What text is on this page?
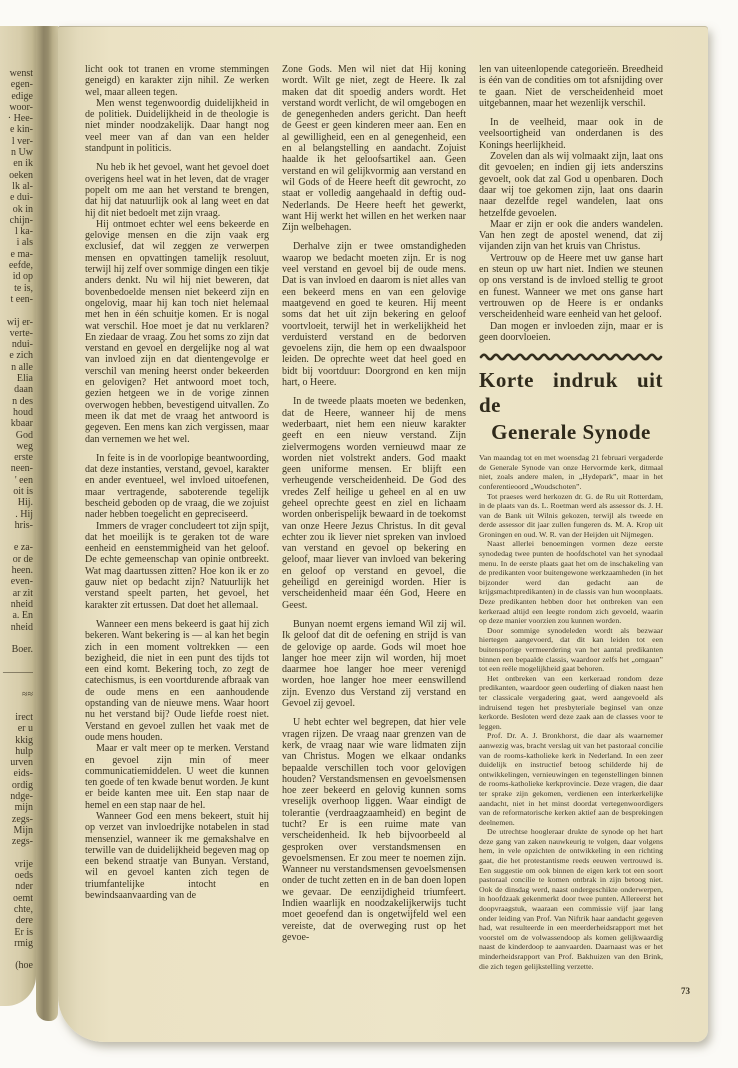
wenst
egen-
edige
woor-
· Hee-
e kin-
l ver-
n Uw
en ik
oeken
lk al-
e dui-
ok in
chijn-
l ka-
i als
e ma-
eefde,
id op
te is,
t een-

wij er-
verte-
ndui-
e zich
n alle
Elia
daan
n des
houd
kbaar
God
weg
erste
neen-
' een
oit is
Hij.
. Hij
hris-

e za-
or de
heen.
even-
ar zit
nheid
a. En
nheid

Boer.

———

≈≈

irect
er u
kkig
hulp
urven
eids-
ordig
ndge-
mijn
zegs-
Mijn
zegs-

vrije
oeds
nder
oemt
chte,
dere
Er is
rmig

(hoe

licht ook tot tranen en vrome stemmingen geneigd) en karakter zijn nihil. Ze werken wel, maar alleen tegen.

Men wenst tegenwoordig duidelijkheid in de politiek. Duidelijkheid in de theologie is niet minder noodzakelijk. Daar hangt nog veel meer van af dan van een helder standpunt in politicis.

Nu heb ik het gevoel, want het gevoel doet overigens heel wat in het leven, dat de vrager popelt om me aan het verstand te brengen, dat hij dat natuurlijk ook al lang weet en dat hij dit niet bedoelt met zijn vraag.

Hij ontmoet echter wel eens bekeerde en gelovige mensen en die zijn vaak erg exclusief, dat wil zeggen ze verwerpen mensen en opvattingen tamelijk resoluut, terwijl hij zelf over sommige dingen een tikje anders denkt. Nu wil hij niet beweren, dat bovenbedoelde mensen niet bekeerd zijn en ongelovig, maar hij kan toch niet helemaal met hen in één schuitje komen. Er is nogal wat verschil. Hoe moet je dat nu verklaren? En ziedaar de vraag. Zou het soms zo zijn dat verstand en gevoel en dergelijke nog al wat van invloed zijn en dat dientengevolge er verschil van mening heerst onder bekeerden en gelovigen? Het antwoord moet toch, gezien hetgeen we in de vorige zinnen overwogen hebben, bevestigend uitvallen. Zo meen ik dat met de vraag het antwoord is gegeven. Een mens kan zich vergissen, maar dan vernemen we het wel.

In feite is in de voorlopige beantwoording, dat deze instanties, verstand, gevoel, karakter en ander eventueel, wel invloed uitoefenen, maar vertragende, saboterende tegelijk bescheid geboden op de vraag, die we zojuist nader hebben toegelicht en gepreciseerd.

Immers de vrager concludeert tot zijn spijt, dat het moeilijk is te geraken tot de ware eenheid en eenstemmigheid van het geloof. De echte gemeenschap van opinie ontbreekt. Wat mag daartussen zitten? Hoe kon ik er zo gauw niet op bedacht zijn? Natuurlijk het verstand speelt parten, het gevoel, het karakter zit ertussen. Dat doet het allemaal.

Wanneer een mens bekeerd is gaat hij zich bekeren. Want bekering is — al kan het begin zich in een moment voltrekken — een bezigheid, die niet in een punt des tijds tot een eind komt. Bekering toch, zo zegt de catechismus, is een voortdurende afbraak van de oude mens en een aanhoudende opstanding van de nieuwe mens. Waar hoort nu het verstand bij? Oude liefde roest niet. Verstand en gevoel zullen het vaak met de oude mens houden.

Maar er valt meer op te merken. Verstand en gevoel zijn min of meer communicatiemiddelen. U weet die kunnen ten goede of ten kwade benut worden. Je kunt er beide kanten mee uit. Een stap naar de hemel en een stap naar de hel.

Wanneer God een mens bekeert, stuit hij op verzet van invloedrijke notabelen in stad mensenziel, wanneer ik me gemakshalve en terwille van de duidelijkheid begeven mag op een bekend straatje van Bunyan. Verstand, wil en gevoel kanten zich tegen de triumfantelijke intocht en bewindsaanvaarding van de

Zone Gods. Men wil niet dat Hij koning wordt. Wilt ge niet, zegt de Heere. Ik zal maken dat dit spoedig anders wordt. Het verstand wordt verlicht, de wil omgebogen en de genegenheden anders gericht. Dan heeft de Geest er geen kinderen meer aan. Een en al gewilligheid, een en al genegenheid, een en al belangstelling en aandacht. Zojuist haalde ik het geloofsartikel aan. Geen verstand en wil gelijkvormig aan verstand en wil Gods of de Heere heeft dit gewrocht, zo staat er volledig aangehaald in deftig oud-Nederlands. De Heere heeft het gewerkt, want Hij werkt het willen en het werken naar Zijn welbehagen.

Derhalve zijn er twee omstandigheden waarop we bedacht moeten zijn. Er is nog veel verstand en gevoel bij de oude mens. Dat is van invloed en daarom is niet alles van een bekeerd mens en van een gelovige maatgevend en goed te keuren. Hij meent soms dat het uit zijn bekering en geloof voortvloeit, terwijl het in werkelijkheid het verduisterd verstand en de bedorven gevoelens zijn, die hem op een dwaalspoor leiden. De oprechte weet dat heel goed en bidt bij voortduur: Doorgrond en ken mijn hart, o Heere.

In de tweede plaats moeten we bedenken, dat de Heere, wanneer hij de mens wederbaart, niet hem een nieuw karakter geeft en een nieuw verstand. Zijn zielvermogens worden vernieuwd maar ze worden niet volstrekt anders. God maakt geen uniforme mensen. Er blijft een verheugende verscheidenheid. De God des vredes Zelf heilige u geheel en al en uw geheel oprechte geest en ziel en lichaam worden onberispelijk bewaard in de toekomst van onze Heere Jezus Christus. In dit geval echter zou ik liever niet spreken van invloed van verstand en gevoel op bekering en geloof, maar liever van invloed van bekering en geloof op verstand en gevoel, die geheiligd en gereinigd worden. Hier is verscheidenheid maar één God, Heere en Geest.

Bunyan noemt ergens iemand Wil zij wil. Ik geloof dat dit de oefening en strijd is van de gelovige op aarde. Gods wil moet hoe langer hoe meer zijn wil worden, hij moet daarmee hoe langer hoe meer verenigd worden, hoe langer hoe meer eenswillend zijn. Evenzo dus Verstand zij verstand en Gevoel zij gevoel.

U hebt echter wel begrepen, dat hier vele vragen rijzen. De vraag naar grenzen van de kerk, de vraag naar wie ware lidmaten zijn van Christus. Mogen we elkaar ondanks bepaalde verschillen toch voor gelovigen houden? Verstandsmensen en gevoelsmensen hoe zeer bekeerd en gelovig kunnen soms vreselijk overhoop liggen. Waar eindigt de tolerantie (verdraagzaamheid) en begint de tucht? Er is een ruime mate van verscheidenheid. Ik heb bijvoorbeeld al gesproken over verstandsmensen en gevoelsmensen. Er zou meer te noemen zijn. Wanneer nu verstandsmensen gevoelsmensen onder de tucht zetten en in de ban doen lopen we gevaar. De eenzijdigheid triumfeert. Indien waarlijk en noodzakelijkerwijs tucht moet geoefend dan is ongetwijfeld wel een vereiste, dat de overweging rust op het gevoe-

len van uiteenlopende categorieën. Breedheid is één van de condities om tot afsnijding over te gaan. Niet de verscheidenheid moet uitgebannen, maar het wezenlijk verschil.

In de veelheid, maar ook in de veelsoortigheid van onderdanen is des Konings heerlijkheid.

Zovelen dan als wij volmaakt zijn, laat ons dit gevoelen; en indien gij iets anderszins gevoelt, ook dat zal God u openbaren. Doch daar wij toe gekomen zijn, laat ons daarin naar dezelfde regel wandelen, laat ons hetzelfde gevoelen.

Maar er zijn er ook die anders wandelen. Van hen zegt de apostel wenend, dat zij vijanden zijn van het kruis van Christus.

Vertrouw op de Heere met uw ganse hart en steun op uw hart niet. Indien we steunen op ons verstand is de invloed stellig te groot en funest. Wanneer we met ons ganse hart vertrouwen op de Heere is er ondanks verscheidenheid ware eenheid van het geloof.

Dan mogen er invloeden zijn, maar er is geen doorvloeien.

Korte indruk uit de
Generale Synode

Van maandag tot en met woensdag 21 februari vergaderde de Generale Synode van onze Hervormde kerk, ditmaal niet, zoals andere malen, in „Hydepark”, maar in het conferentieoord „Woudschoten”.

Tot praeses werd herkozen dr. G. de Ru uit Rotterdam, in de plaats van ds. L. Roetman werd als assessor ds. J. H. van de Bank uit Wilnis gekozen, terwijl als tweede en derde assessor dit jaar zullen fungeren ds. M. A. Krop uit Groningen en oud. W. R. van der Heijden uit Nijmegen.

Naast allerlei benoemingen vormen deze eerste synodedag twee punten de hoofdschotel van het synodaal menu. In de eerste plaats gaat het om de inschakeling van de predikanten voor buitengewone werkzaamheden (in het bijzonder werd dan gedacht aan de krijgsmachtpredikanten) in de classis van hun woonplaats. Deze predikanten hebben door het ontbreken van een kerkeraad altijd een leegte rondom zich gevoeld, waarin op deze manier voorzien zou kunnen worden.

Door sommige synodeleden wordt als bezwaar hiertegen aangevoerd, dat dit kan leiden tot een buitensporige vermeerdering van het aantal predikanten binnen een bepaalde classis, waardoor zelfs het „omgaan” tot een reële mogelijkheid gaat behoren.

Het ontbreken van een kerkeraad rondom deze predikanten, waardoor geen ouderling of diaken naast hen ter classicale vergadering gaat, werd aangevoeld als indruisend tegen het presbyteriale beginsel van onze kerkorde. Besloten werd deze zaak aan de classes voor te leggen.

Prof. Dr. A. J. Bronkhorst, die daar als waarnemer aanwezig was, bracht verslag uit van het pastoraal concilie van de rooms-katholieke kerk in Nederland. In een zeer duidelijk en instructief betoog schilderde hij de ontwikkelingen, vernieuwingen en tegenstellingen binnen de rooms-katholieke kerkprovincie. Deze vragen, die daar ter sprake zijn gekomen, verdienen een interkerkelijke aandacht, niet in het minst doordat vertegenwoordigers van de reformatorische kerken aktief aan de besprekingen deelnemen.

De utrechtse hoogleraar drukte de synode op het hart deze gang van zaken nauwkeurig te volgen, daar volgens hem, in vele opzichten de ontwikkeling in een richting gaat, die het protestantisme reeds eeuwen vertrouwd is. Een suggestie om ook binnen de eigen kerk tot een soort pastoraal concilie te komen ontbrak in zijn betoog niet. Ook de dinsdag werd, naast ondergeschikte onderwerpen, in hoofdzaak gekenmerkt door twee punten. Allereerst het doopvraagstuk, waaraan een commissie vijf jaar lang onder leiding van Prof. Van Niftrik haar aandacht gegeven had, wat resulteerde in een meerderheidsrapport met het voorstel om de volwassendoop als komen gelijkwaardig naast de kinderdoop te aanvaarden. Daarnaast was er het minderheidsrapport van Prof. Bakhuizen van den Brink, die zich tegen gelijkstelling verzette.

73
